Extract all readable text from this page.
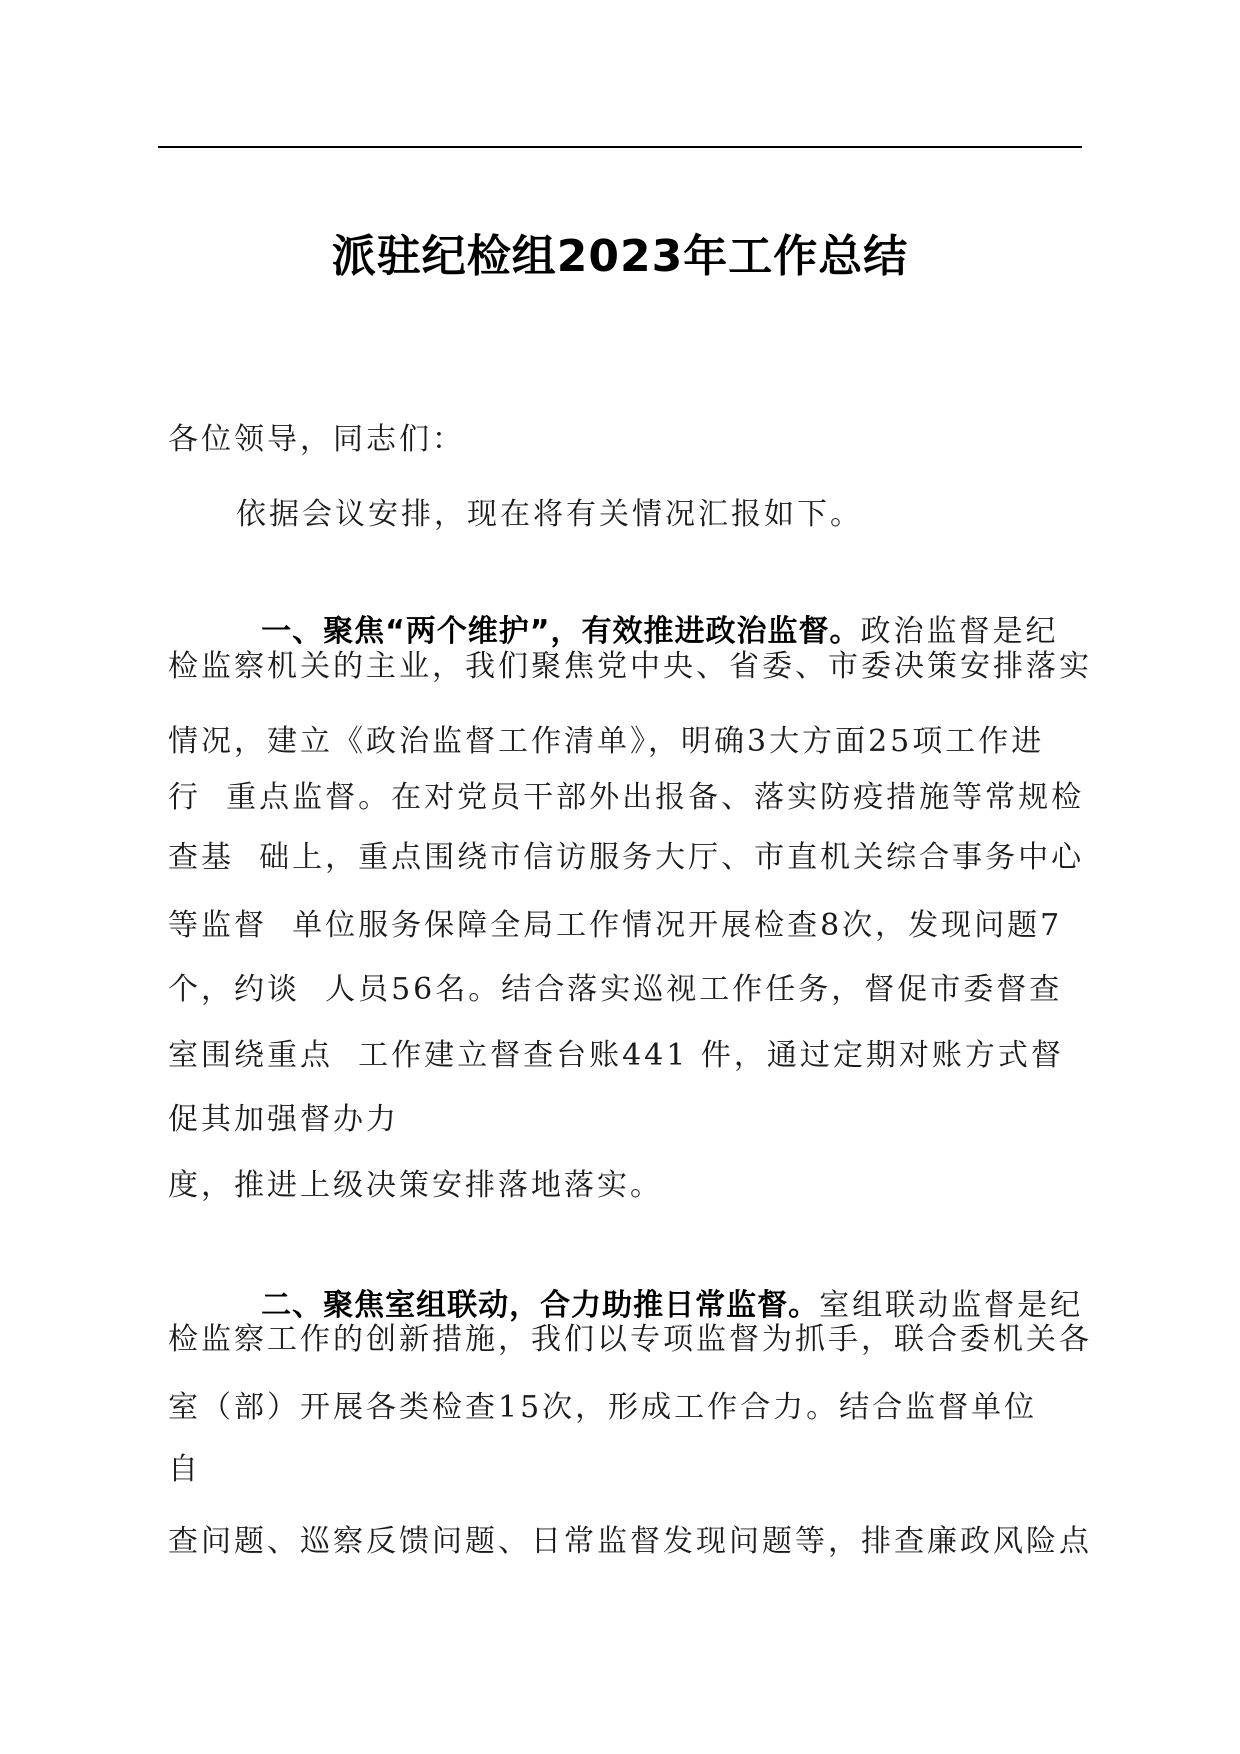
派驻纪检组2023年工作总结
各位领导，同志们：
依据会议安排，现在将有关情况汇报如下。

一、聚焦“两个维护”，有效推进政治监督。政治监督是纪

检监察机关的主业，我们聚焦党中央、省委、市委决策安排落实
情况，建立《政治监督工作清单》，明确3大方面25项工作进
行  重点监督。在对党员干部外出报备、落实防疫措施等常规检
查基  础上，重点围绕市信访服务大厅、市直机关综合事务中心
等监督  单位服务保障全局工作情况开展检查8次，发现问题7
个，约谈  人员56名。结合落实巡视工作任务，督促市委督查
室围绕重点  工作建立督查台账441 件，通过定期对账方式督
促其加强督办力
度，推进上级决策安排落地落实。

二、聚焦室组联动，合力助推日常监督。室组联动监督是纪

检监察工作的创新措施，我们以专项监督为抓手，联合委机关各
室（部）开展各类检查15次，形成工作合力。结合监督单位
自
查问题、巡察反馈问题、日常监督发现问题等，排查廉政风险点
